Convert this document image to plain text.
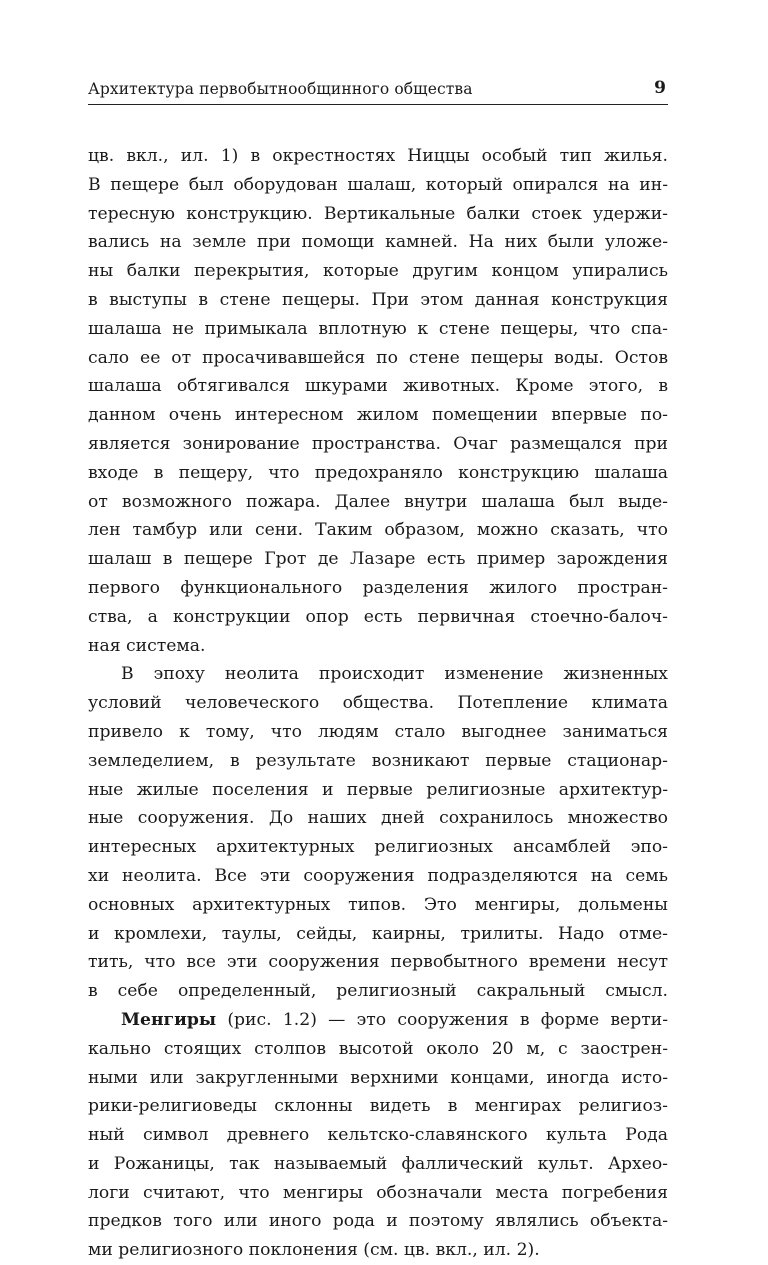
Архитектура первобытнообщинного общества	9
цв. вкл., ил. 1) в окрестностях Ниццы особый тип жилья.
В пещере был оборудован шалаш, который опирался на ин-
тересную конструкцию. Вертикальные балки стоек удержи-
вались на земле при помощи камней. На них были уложе-
ны балки перекрытия, которые другим концом упирались
в выступы в стене пещеры. При этом данная конструкция
шалаша не примыкала вплотную к стене пещеры, что спа-
сало ее от просачивавшейся по стене пещеры воды. Остов
шалаша обтягивался шкурами животных. Кроме этого, в
данном очень интересном жилом помещении впервые по-
является зонирование пространства. Очаг размещался при
входе в пещеру, что предохраняло конструкцию шалаша
от возможного пожара. Далее внутри шалаша был выде-
лен тамбур или сени. Таким образом, можно сказать, что
шалаш в пещере Грот де Лазаре есть пример зарождения
первого функционального разделения жилого простран-
ства, а конструкции опор есть первичная стоечно-балоч-
ная система.
В эпоху неолита происходит изменение жизненных
условий человеческого общества. Потепление климата
привело к тому, что людям стало выгоднее заниматься
земледелием, в результате возникают первые стационар-
ные жилые поселения и первые религиозные архитектур-
ные сооружения. До наших дней сохранилось множество
интересных архитектурных религиозных ансамблей эпо-
хи неолита. Все эти сооружения подразделяются на семь
основных архитектурных типов. Это менгиры, дольмены
и кромлехи, таулы, сейды, каирны, трилиты. Надо отме-
тить, что все эти сооружения первобытного времени несут
в себе определенный, религиозный сакральный смысл.
Менгиры (рис. 1.2) — это сооружения в форме верти-
кально стоящих столпов высотой около 20 м, с заострен-
ными или закругленными верхними концами, иногда исто-
рики-религиоведы склонны видеть в менгирах религиоз-
ный символ древнего кельтско-славянского культа Рода
и Рожаницы, так называемый фаллический культ. Архео-
логи считают, что менгиры обозначали места погребения
предков того или иного рода и поэтому являлись объекта-
ми религиозного поклонения (см. цв. вкл., ил. 2).
